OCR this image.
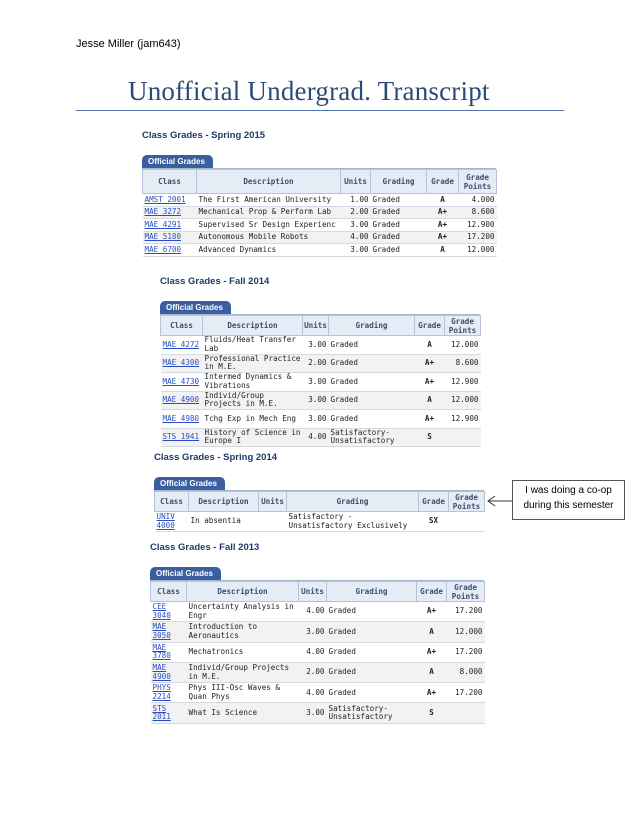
Jesse Miller (jam643)
Unofficial Undergrad. Transcript
Class Grades - Spring 2015
Official Grades
Class	Description	Units	Grading	Grade	Grade Points
AMST 2001	The First American University	1.00	Graded	A	4.000
MAE 3272	Mechanical Prop & Perform Lab	2.00	Graded	A+	8.600
MAE 4291	Supervised Sr Design Experienc	3.00	Graded	A+	12.900
MAE 5180	Autonomous Mobile Robots	4.00	Graded	A+	17.200
MAE 6700	Advanced Dynamics	3.00	Graded	A	12.000
Class Grades - Fall 2014
Official Grades
Class	Description	Units	Grading	Grade	Grade Points
MAE 4272	Fluids/Heat Transfer Lab	3.00	Graded	A	12.000
MAE 4300	Professional Practice in M.E.	2.00	Graded	A+	8.600
MAE 4730	Intermed Dynamics & Vibrations	3.00	Graded	A+	12.900
MAE 4900	Individ/Group Projects in M.E.	3.00	Graded	A	12.000
MAE 4980	Tchg Exp in Mech Eng	3.00	Graded	A+	12.900
STS 1941	History of Science in Europe I	4.00	Satisfactory-Unsatisfactory	S	
Class Grades - Spring 2014
Official Grades
Class	Description	Units	Grading	Grade	Grade Points
UNIV 4000	In absentia		Satisfactory - Unsatisfactory Exclusively	SX	
Class Grades - Fall 2013
Official Grades
Class	Description	Units	Grading	Grade	Grade Points
CEE 3040	Uncertainty Analysis in Engr	4.00	Graded	A+	17.200
MAE 3050	Introduction to Aeronautics	3.00	Graded	A	12.000
MAE 3780	Mechatronics	4.00	Graded	A+	17.200
MAE 4900	Individ/Group Projects in M.E.	2.00	Graded	A	8.000
PHYS 2214	Phys III-Osc Waves & Quan Phys	4.00	Graded	A+	17.200
STS 2011	What Is Science	3.00	Satisfactory-Unsatisfactory	S	
I was doing a co-op during this semester
